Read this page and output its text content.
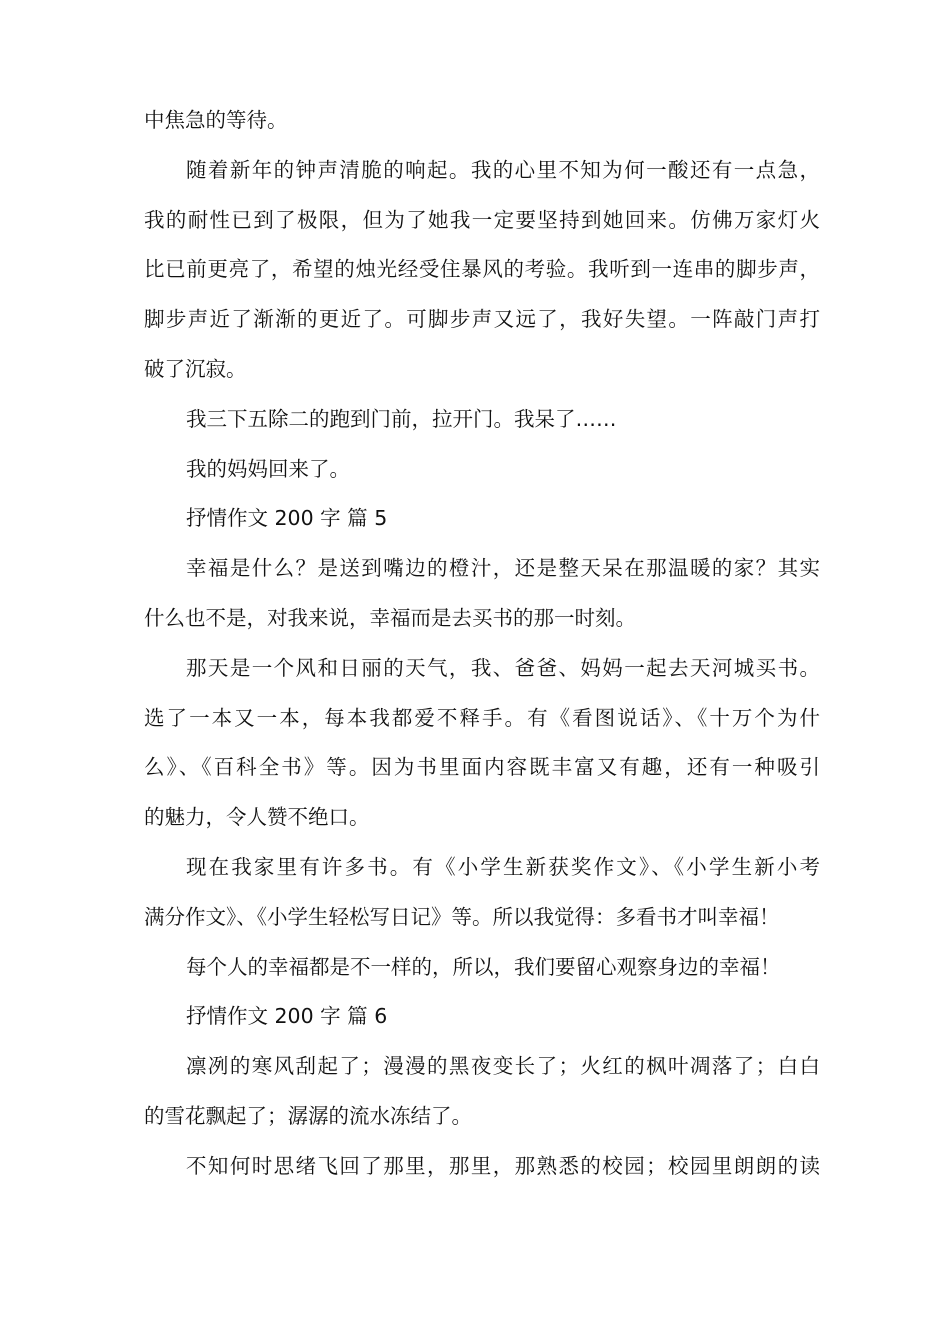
中焦急的等待。
随着新年的钟声清脆的响起。我的心里不知为何一酸还有一点急，
我的耐性已到了极限，但为了她我一定要坚持到她回来。仿佛万家灯火
比已前更亮了，希望的烛光经受住暴风的考验。我听到一连串的脚步声，
脚步声近了渐渐的更近了。可脚步声又远了，我好失望。一阵敲门声打
破了沉寂。
我三下五除二的跑到门前，拉开门。我呆了……
我的妈妈回来了。
抒情作文 200 字 篇 5
幸福是什么？是送到嘴边的橙汁，还是整天呆在那温暖的家？其实
什么也不是，对我来说，幸福而是去买书的那一时刻。
那天是一个风和日丽的天气，我、爸爸、妈妈一起去天河城买书。
选了一本又一本，每本我都爱不释手。有《看图说话》、《十万个为什
么》、《百科全书》等。因为书里面内容既丰富又有趣，还有一种吸引
的魅力，令人赞不绝口。
现在我家里有许多书。有《小学生新获奖作文》、《小学生新小考
满分作文》、《小学生轻松写日记》等。所以我觉得：多看书才叫幸福！
每个人的幸福都是不一样的，所以，我们要留心观察身边的幸福！
抒情作文 200 字 篇 6
凛冽的寒风刮起了；漫漫的黑夜变长了；火红的枫叶凋落了；白白
的雪花飘起了；潺潺的流水冻结了。
不知何时思绪飞回了那里，那里，那熟悉的校园；校园里朗朗的读
